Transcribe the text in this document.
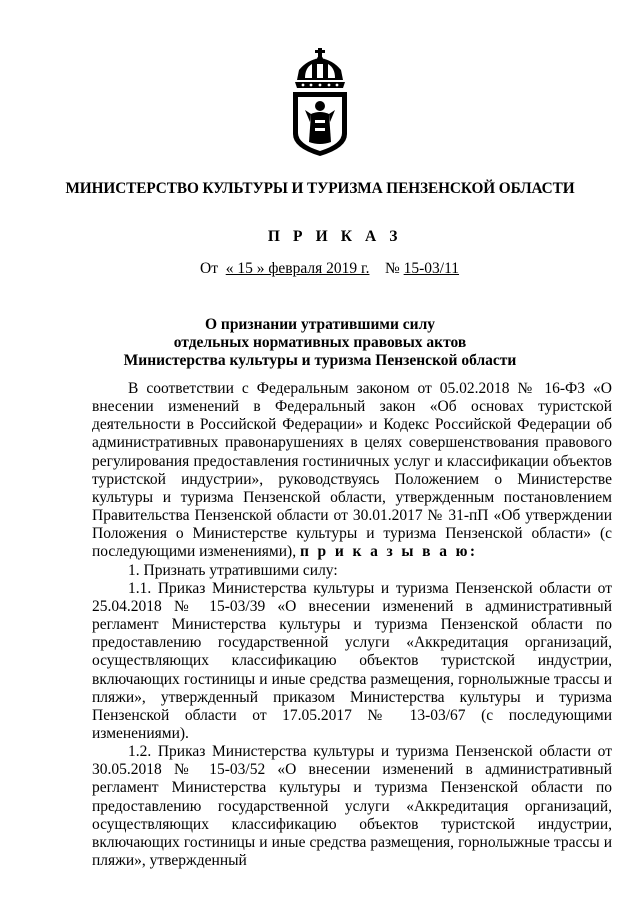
МИНИСТЕРСТВО КУЛЬТУРЫ И ТУРИЗМА ПЕНЗЕНСКОЙ ОБЛАСТИ
П Р И К А З
От « 15 » февраля 2019 г. № 15-03/11
О признании утратившими силу
отдельных нормативных правовых актов
Министерства культуры и туризма Пензенской области

В соответствии с Федеральным законом от 05.02.2018 № 16-ФЗ «О внесении изменений в Федеральный закон «Об основах туристской деятельности в Российской Федерации» и Кодекс Российской Федерации об административных правонарушениях в целях совершенствования правового регулирования предоставления гостиничных услуг и классификации объектов туристской индустрии», руководствуясь Положением о Министерстве культуры и туризма Пензенской области, утвержденным постановлением Правительства Пензенской области от 30.01.2017 № 31-пП «Об утверждении Положения о Министерстве культуры и туризма Пензенской области» (с последующими изменениями), п р и к а з ы в а ю:

1. Признать утратившими силу:

1.1. Приказ Министерства культуры и туризма Пензенской области от 25.04.2018 № 15-03/39 «О внесении изменений в административный регламент Министерства культуры и туризма Пензенской области по предоставлению государственной услуги «Аккредитация организаций, осуществляющих классификацию объектов туристской индустрии, включающих гостиницы и иные средства размещения, горнолыжные трассы и пляжи», утвержденный приказом Министерства культуры и туризма Пензенской области от 17.05.2017 № 13-03/67 (с последующими изменениями).

1.2. Приказ Министерства культуры и туризма Пензенской области от 30.05.2018 № 15-03/52 «О внесении изменений в административный регламент Министерства культуры и туризма Пензенской области по предоставлению государственной услуги «Аккредитация организаций, осуществляющих классификацию объектов туристской индустрии, включающих гостиницы и иные средства размещения, горнолыжные трассы и пляжи», утвержденный
